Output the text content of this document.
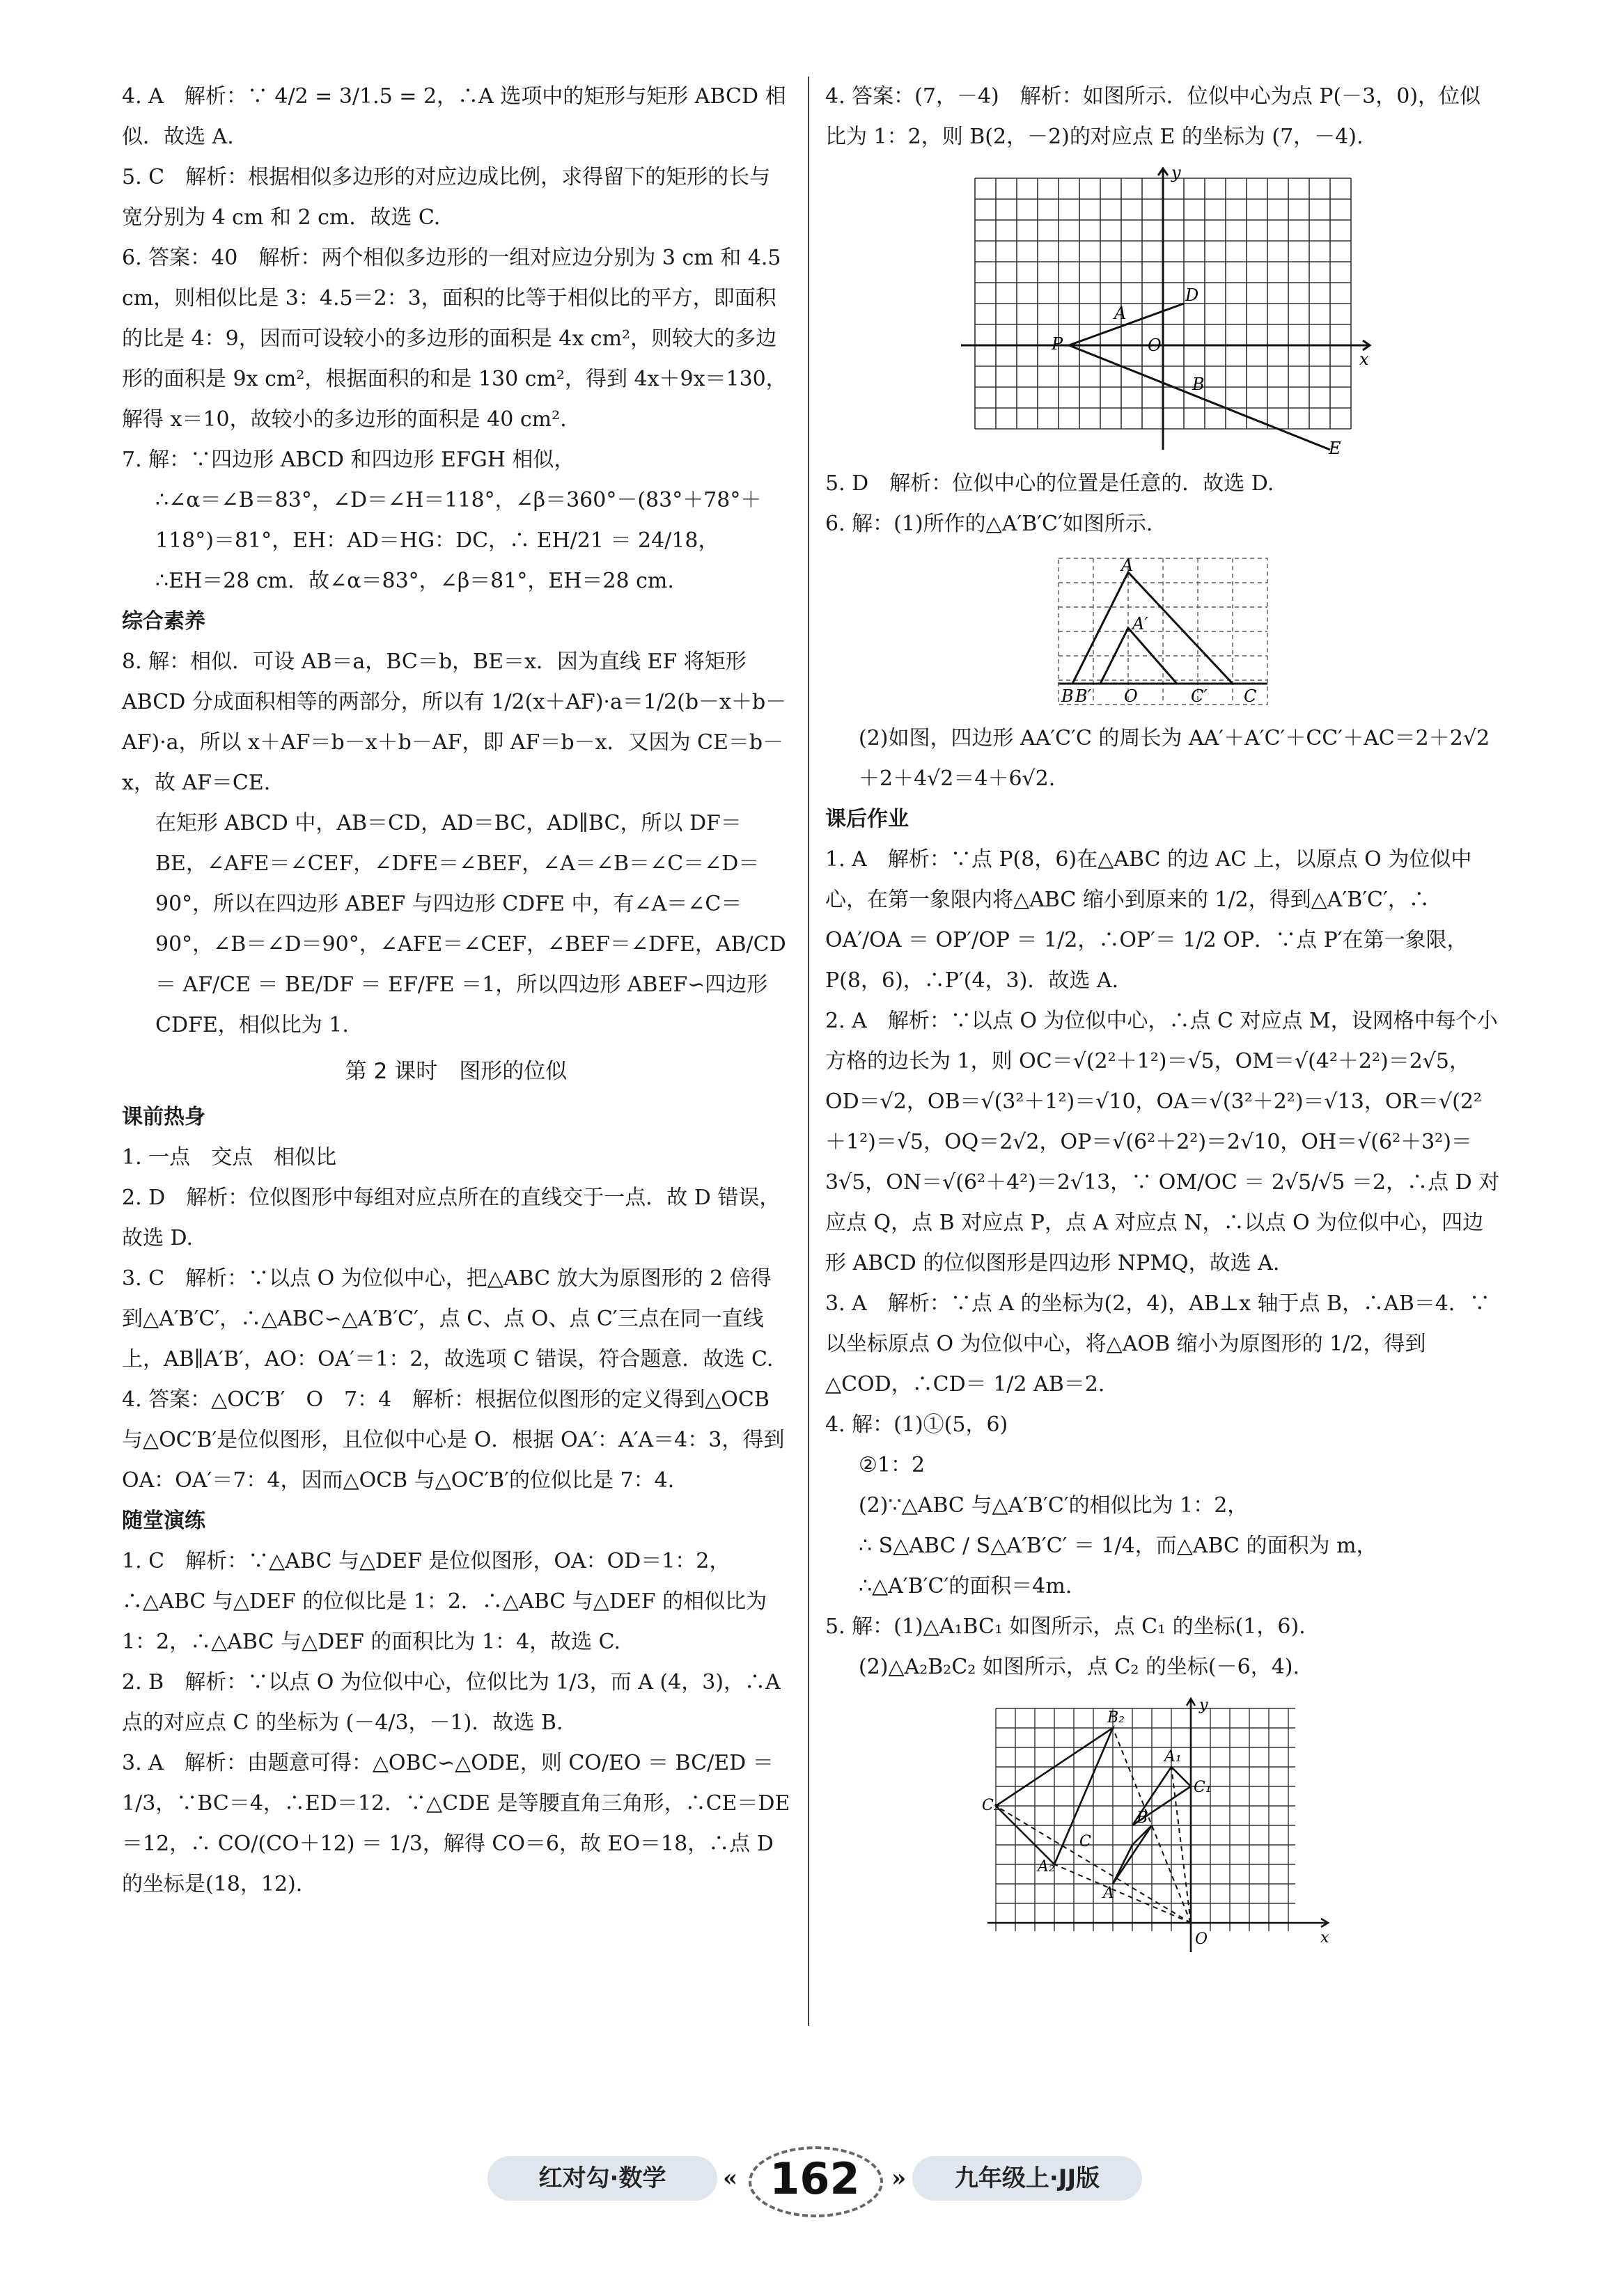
4. A　解析：∵ 4/2 = 3/1.5 = 2，∴A 选项中的矩形与矩形 ABCD 相似．故选 A.

5. C　解析：根据相似多边形的对应边成比例，求得留下的矩形的长与宽分别为 4 cm 和 2 cm．故选 C.

6. 答案：40　解析：两个相似多边形的一组对应边分别为 3 cm 和 4.5 cm，则相似比是 3：4.5＝2：3，面积的比等于相似比的平方，即面积的比是 4：9，因而可设较小的多边形的面积是 4x cm²，则较大的多边形的面积是 9x cm²，根据面积的和是 130 cm²，得到 4x＋9x＝130，解得 x＝10，故较小的多边形的面积是 40 cm².

7. 解：∵四边形 ABCD 和四边形 EFGH 相似，

∴∠α＝∠B＝83°，∠D＝∠H＝118°，∠β＝360°－(83°＋78°＋118°)＝81°，EH：AD＝HG：DC，∴ EH/21 ＝ 24/18，

∴EH＝28 cm．故∠α＝83°，∠β＝81°，EH＝28 cm.

综合素养

8. 解：相似．可设 AB＝a，BC＝b，BE＝x．因为直线 EF 将矩形 ABCD 分成面积相等的两部分，所以有 1/2(x＋AF)·a＝1/2(b－x＋b－AF)·a，所以 x＋AF＝b－x＋b－AF，即 AF＝b－x．又因为 CE＝b－x，故 AF＝CE.

在矩形 ABCD 中，AB＝CD，AD＝BC，AD∥BC，所以 DF＝BE，∠AFE＝∠CEF，∠DFE＝∠BEF，∠A＝∠B＝∠C＝∠D＝90°，所以在四边形 ABEF 与四边形 CDFE 中，有∠A＝∠C＝90°，∠B＝∠D＝90°，∠AFE＝∠CEF，∠BEF＝∠DFE，AB/CD ＝ AF/CE ＝ BE/DF ＝ EF/FE ＝1，所以四边形 ABEF∽四边形 CDFE，相似比为 1.

第 2 课时　图形的位似

课前热身

1. 一点　交点　相似比

2. D　解析：位似图形中每组对应点所在的直线交于一点．故 D 错误，故选 D.

3. C　解析：∵以点 O 为位似中心，把△ABC 放大为原图形的 2 倍得到△A′B′C′，∴△ABC∽△A′B′C′，点 C、点 O、点 C′三点在同一直线上，AB∥A′B′，AO：OA′＝1：2，故选项 C 错误，符合题意．故选 C.

4. 答案：△OC′B′　O　7：4　解析：根据位似图形的定义得到△OCB 与△OC′B′是位似图形，且位似中心是 O．根据 OA′：A′A＝4：3，得到 OA：OA′＝7：4，因而△OCB 与△OC′B′的位似比是 7：4.

随堂演练

1. C　解析：∵△ABC 与△DEF 是位似图形，OA：OD＝1：2，∴△ABC 与△DEF 的位似比是 1：2．∴△ABC 与△DEF 的相似比为 1：2，∴△ABC 与△DEF 的面积比为 1：4，故选 C.

2. B　解析：∵以点 O 为位似中心，位似比为 1/3，而 A (4，3)，∴A 点的对应点 C 的坐标为 (－4/3，－1)．故选 B.

3. A　解析：由题意可得：△OBC∽△ODE，则 CO/EO ＝ BC/ED ＝ 1/3，∵BC＝4，∴ED＝12．∵△CDE 是等腰直角三角形，∴CE＝DE＝12，∴ CO/(CO＋12) ＝ 1/3，解得 CO＝6，故 EO＝18，∴点 D 的坐标是(18，12).

4. 答案：(7，－4)　解析：如图所示．位似中心为点 P(－3，0)，位似比为 1：2，则 B(2，－2)的对应点 E 的坐标为 (7，－4).

y
x
D
A
P	O
B
E

5. D　解析：位似中心的位置是任意的．故选 D.

6. 解：(1)所作的△A′B′C′如图所示．

A
A′
B B′ O	C′ C

(2)如图，四边形 AA′C′C 的周长为 AA′＋A′C′＋CC′＋AC＝2＋2√2＋2＋4√2＝4＋6√2.

课后作业

1. A　解析：∵点 P(8，6)在△ABC 的边 AC 上，以原点 O 为位似中心，在第一象限内将△ABC 缩小到原来的 1/2，得到△A′B′C′，∴ OA′/OA ＝ OP′/OP ＝ 1/2，∴OP′＝ 1/2 OP．∵点 P′在第一象限，P(8，6)，∴P′(4，3)．故选 A.

2. A　解析：∵以点 O 为位似中心，∴点 C 对应点 M，设网格中每个小方格的边长为 1，则 OC＝√(2²＋1²)＝√5，OM＝√(4²＋2²)＝2√5，OD＝√2，OB＝√(3²＋1²)＝√10，OA＝√(3²＋2²)＝√13，OR＝√(2²＋1²)＝√5，OQ＝2√2，OP＝√(6²＋2²)＝2√10，OH＝√(6²＋3²)＝3√5，ON＝√(6²＋4²)＝2√13，∵ OM/OC ＝ 2√5/√5 ＝2，∴点 D 对应点 Q，点 B 对应点 P，点 A 对应点 N，∴以点 O 为位似中心，四边形 ABCD 的位似图形是四边形 NPMQ，故选 A.

3. A　解析：∵点 A 的坐标为(2，4)，AB⊥x 轴于点 B，∴AB＝4．∵以坐标原点 O 为位似中心，将△AOB 缩小为原图形的 1/2，得到△COD，∴CD＝ 1/2 AB＝2.

4. 解：(1)①(5，6)

②1：2

(2)∵△ABC 与△A′B′C′的相似比为 1：2，

∴ S△ABC / S△A′B′C′ ＝ 1/4，而△ABC 的面积为 m，

∴△A′B′C′的面积＝4m.

5. 解：(1)△A₁BC₁ 如图所示，点 C₁ 的坐标(1，6).

(2)△A₂B₂C₂ 如图所示，点 C₂ 的坐标(－6，4).

y
x
B₂
A₁
C₁
B
C₂
C
A₂
A
O
红对勾·数学	« 162	»	九年级上·JJ版
